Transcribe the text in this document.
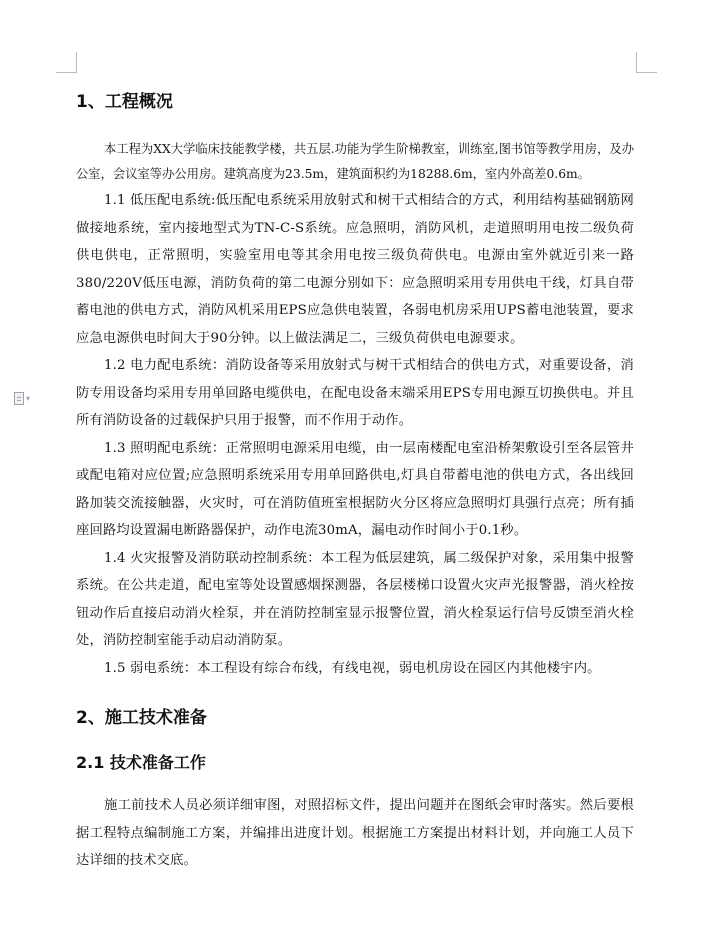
▾
1、工程概况

本工程为XX大学临床技能教学楼，共五层.功能为学生阶梯教室，训练室,图书馆等教学用房，及办公室，会议室等办公用房。建筑高度为23.5m，建筑面积约为18288.6m，室内外高差0.6m。

1.1 低压配电系统:低压配电系统采用放射式和树干式相结合的方式，利用结构基础钢筋网做接地系统，室内接地型式为TN-C-S系统。应急照明，消防风机，走道照明用电按二级负荷供电供电，正常照明，实验室用电等其余用电按三级负荷供电。电源由室外就近引来一路380/220V低压电源，消防负荷的第二电源分别如下：应急照明采用专用供电干线，灯具自带蓄电池的供电方式，消防风机采用EPS应急供电装置，各弱电机房采用UPS蓄电池装置，要求应急电源供电时间大于90分钟。以上做法满足二，三级负荷供电电源要求。

1.2 电力配电系统：消防设备等采用放射式与树干式相结合的供电方式，对重要设备，消防专用设备均采用专用单回路电缆供电，在配电设备末端采用EPS专用电源互切换供电。并且所有消防设备的过载保护只用于报警，而不作用于动作。

1.3 照明配电系统：正常照明电源采用电缆，由一层南楼配电室沿桥架敷设引至各层管井或配电箱对应位置;应急照明系统采用专用单回路供电,灯具自带蓄电池的供电方式，各出线回路加装交流接触器，火灾时，可在消防值班室根据防火分区将应急照明灯具强行点亮；所有插座回路均设置漏电断路器保护，动作电流30mA，漏电动作时间小于0.1秒。

1.4 火灾报警及消防联动控制系统：本工程为低层建筑，属二级保护对象，采用集中报警系统。在公共走道，配电室等处设置感烟探测器，各层楼梯口设置火灾声光报警器，消火栓按钮动作后直接启动消火栓泵，并在消防控制室显示报警位置，消火栓泵运行信号反馈至消火栓处，消防控制室能手动启动消防泵。

1.5 弱电系统：本工程设有综合布线，有线电视，弱电机房设在园区内其他楼宇内。

2、施工技术准备
2.1 技术准备工作

施工前技术人员必须详细审图，对照招标文件，提出问题并在图纸会审时落实。然后要根据工程特点编制施工方案，并编排出进度计划。根据施工方案提出材料计划，并向施工人员下达详细的技术交底。
